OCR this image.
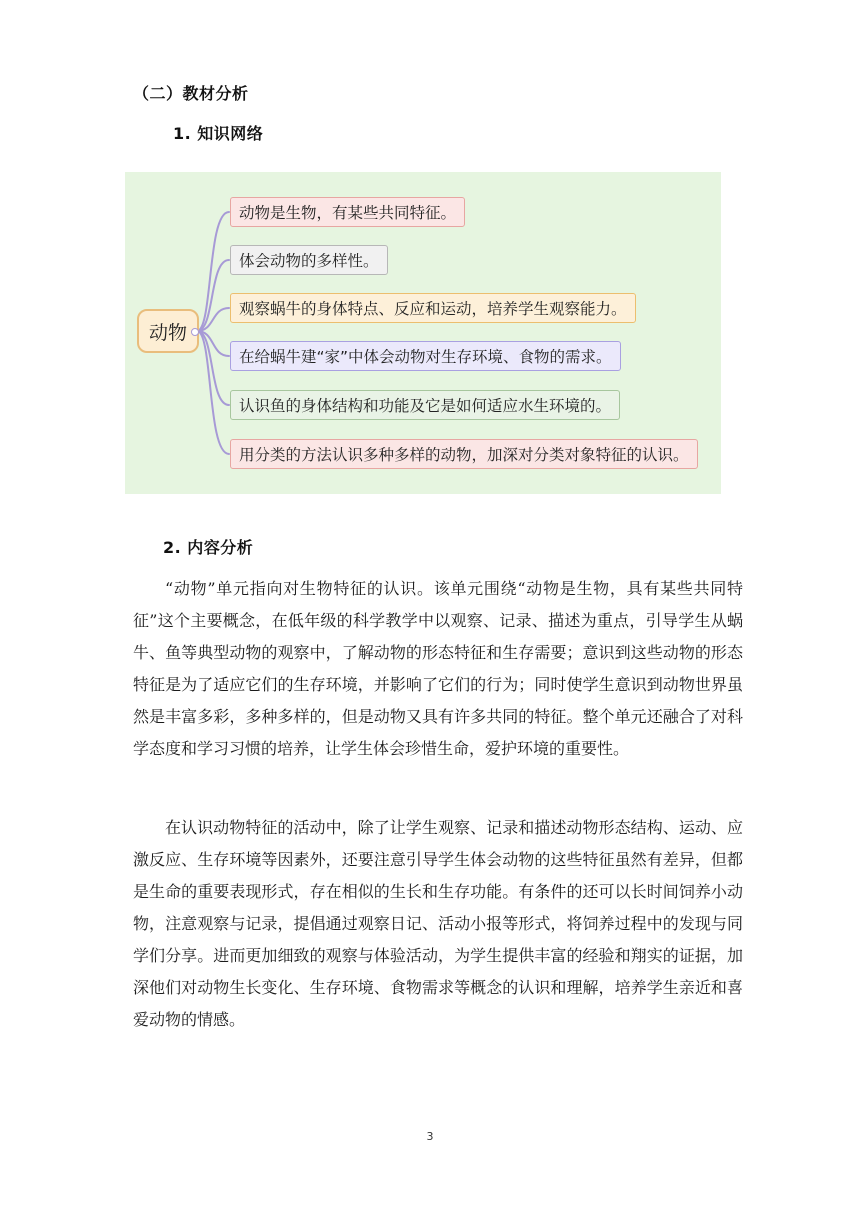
（二）教材分析
1. 知识网络
动物
动物是生物，有某些共同特征。
体会动物的多样性。
观察蜗牛的身体特点、反应和运动，培养学生观察能力。
在给蜗牛建“家”中体会动物对生存环境、食物的需求。
认识鱼的身体结构和功能及它是如何适应水生环境的。
用分类的方法认识多种多样的动物，加深对分类对象特征的认识。
2. 内容分析

“动物”单元指向对生物特征的认识。该单元围绕“动物是生物，具有某些共同特征”这个主要概念，在低年级的科学教学中以观察、记录、描述为重点，引导学生从蜗牛、鱼等典型动物的观察中，了解动物的形态特征和生存需要；意识到这些动物的形态特征是为了适应它们的生存环境，并影响了它们的行为；同时使学生意识到动物世界虽然是丰富多彩，多种多样的，但是动物又具有许多共同的特征。整个单元还融合了对科学态度和学习习惯的培养，让学生体会珍惜生命，爱护环境的重要性。

在认识动物特征的活动中，除了让学生观察、记录和描述动物形态结构、运动、应激反应、生存环境等因素外，还要注意引导学生体会动物的这些特征虽然有差异，但都是生命的重要表现形式，存在相似的生长和生存功能。有条件的还可以长时间饲养小动物，注意观察与记录，提倡通过观察日记、活动小报等形式，将饲养过程中的发现与同学们分享。进而更加细致的观察与体验活动，为学生提供丰富的经验和翔实的证据，加深他们对动物生长变化、生存环境、食物需求等概念的认识和理解，培养学生亲近和喜爱动物的情感。

3
